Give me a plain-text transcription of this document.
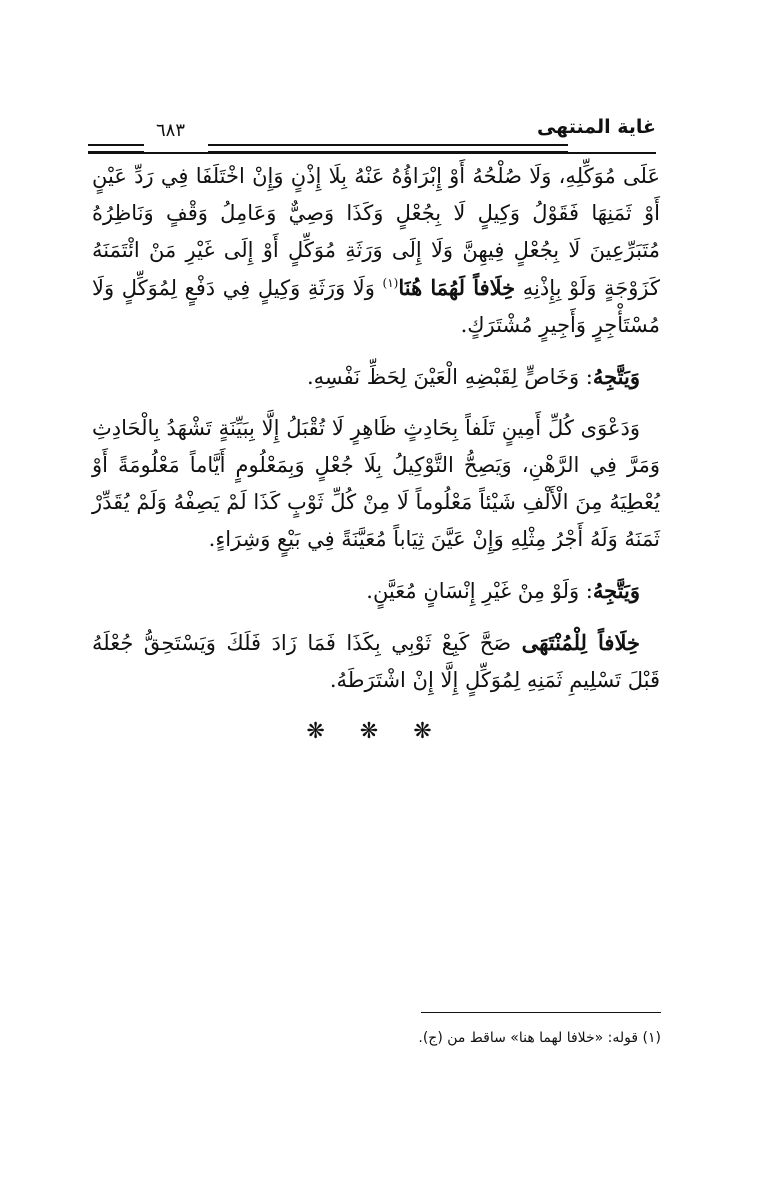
غاية المنتهى
٦٨٣

عَلَى مُوَكِّلِهِ، وَلَا صُلْحُهُ أَوْ إِبْرَاؤُهُ عَنْهُ بِلَا إِذْنٍ وَإِنْ اخْتَلَفَا فِي رَدِّ عَيْنٍ أَوْ ثَمَنِهَا فَقَوْلُ وَكِيلٍ لَا بِجُعْلٍ وَكَذَا وَصِيٌّ وَعَامِلُ وَقْفٍ وَنَاظِرُهُ مُتَبَرِّعِينَ لَا بِجُعْلٍ فِيهِنَّ وَلَا إِلَى وَرَثَةِ مُوَكِّلٍ أَوْ إِلَى غَيْرِ مَنْ ائْتَمَنَهُ كَزَوْجَةٍ وَلَوْ بِإِذْنِهِ خِلَافاً لَهُمَا هُنَا$^{(١)}$ وَلَا وَرَثَةِ وَكِيلٍ فِي دَفْعٍ لِمُوَكِّلٍ وَلَا مُسْتَأْجِرٍ وَأَجِيرٍ مُشْتَرَكٍ.

وَيَتَّجِهُ: وَخَاصٍّ لِقَبْضِهِ الْعَيْنَ لِحَظِّ نَفْسِهِ.

وَدَعْوَى كُلِّ أَمِينٍ تَلَفاً بِحَادِثٍ ظَاهِرٍ لَا تُقْبَلُ إِلَّا بِبَيِّنَةٍ تَشْهَدُ بِالْحَادِثِ وَمَرَّ فِي الرَّهْنِ، وَيَصِحُّ التَّوْكِيلُ بِلَا جُعْلٍ وَبِمَعْلُومٍ أَيَّاماً مَعْلُومَةً أَوْ يُعْطِيَهُ مِنَ الْأَلْفِ شَيْئاً مَعْلُوماً لَا مِنْ كُلِّ ثَوْبٍ كَذَا لَمْ يَصِفْهُ وَلَمْ يُقَدِّرْ ثَمَنَهُ وَلَهُ أَجْرُ مِثْلِهِ وَإِنْ عَيَّنَ ثِيَاباً مُعَيَّنَةً فِي بَيْعٍ وَشِرَاءٍ.

وَيَتَّجِهُ: وَلَوْ مِنْ غَيْرِ إِنْسَانٍ مُعَيَّنٍ.

خِلَافاً لِلْمُنْتَهَى صَحَّ كَبِعْ ثَوْبِي بِكَذَا فَمَا زَادَ فَلَكَ وَيَسْتَحِقُّ جُعْلَهُ قَبْلَ تَسْلِيمِ ثَمَنِهِ لِمُوَكِّلٍ إِلَّا إِنْ اشْتَرَطَهُ.

❋ ❋ ❋
(١) قوله: «خلافا لهما هنا» ساقط من (ج).
